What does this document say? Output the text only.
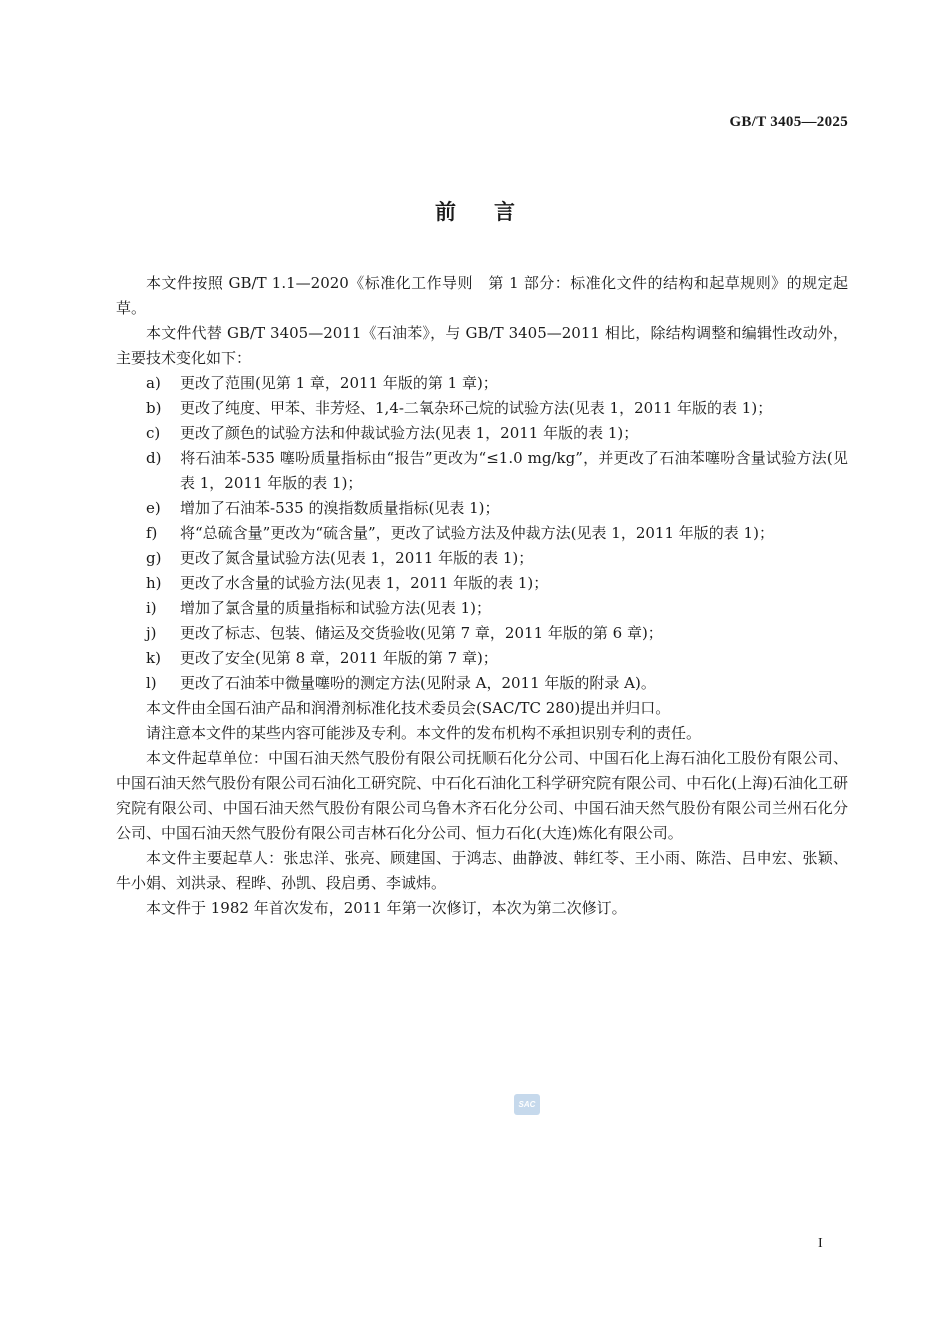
GB/T 3405—2025
前言

本文件按照 GB/T 1.1—2020《标准化工作导则　第 1 部分：标准化文件的结构和起草规则》的规定起草。

本文件代替 GB/T 3405—2011《石油苯》，与 GB/T 3405—2011 相比，除结构调整和编辑性改动外，主要技术变化如下：

a) 更改了范围(见第 1 章，2011 年版的第 1 章)；

b) 更改了纯度、甲苯、非芳烃、1,4-二氧杂环己烷的试验方法(见表 1，2011 年版的表 1)；

c) 更改了颜色的试验方法和仲裁试验方法(见表 1，2011 年版的表 1)；

d) 将石油苯-535 噻吩质量指标由“报告”更改为“≤1.0 mg/kg”，并更改了石油苯噻吩含量试验方法(见表 1，2011 年版的表 1)；

e) 增加了石油苯-535 的溴指数质量指标(见表 1)；

f) 将“总硫含量”更改为“硫含量”，更改了试验方法及仲裁方法(见表 1，2011 年版的表 1)；

g) 更改了氮含量试验方法(见表 1，2011 年版的表 1)；

h) 更改了水含量的试验方法(见表 1，2011 年版的表 1)；

i) 增加了氯含量的质量指标和试验方法(见表 1)；

j) 更改了标志、包装、储运及交货验收(见第 7 章，2011 年版的第 6 章)；

k) 更改了安全(见第 8 章，2011 年版的第 7 章)；

l) 更改了石油苯中微量噻吩的测定方法(见附录 A，2011 年版的附录 A)。

本文件由全国石油产品和润滑剂标准化技术委员会(SAC/TC 280)提出并归口。

请注意本文件的某些内容可能涉及专利。本文件的发布机构不承担识别专利的责任。

本文件起草单位：中国石油天然气股份有限公司抚顺石化分公司、中国石化上海石油化工股份有限公司、中国石油天然气股份有限公司石油化工研究院、中石化石油化工科学研究院有限公司、中石化(上海)石油化工研究院有限公司、中国石油天然气股份有限公司乌鲁木齐石化分公司、中国石油天然气股份有限公司兰州石化分公司、中国石油天然气股份有限公司吉林石化分公司、恒力石化(大连)炼化有限公司。

本文件主要起草人：张忠洋、张亮、顾建国、于鸿志、曲静波、韩红苓、王小雨、陈浩、吕申宏、张颖、牛小娟、刘洪录、程晔、孙凯、段启勇、李诚炜。

本文件于 1982 年首次发布，2011 年第一次修订，本次为第二次修订。

SAC
I
